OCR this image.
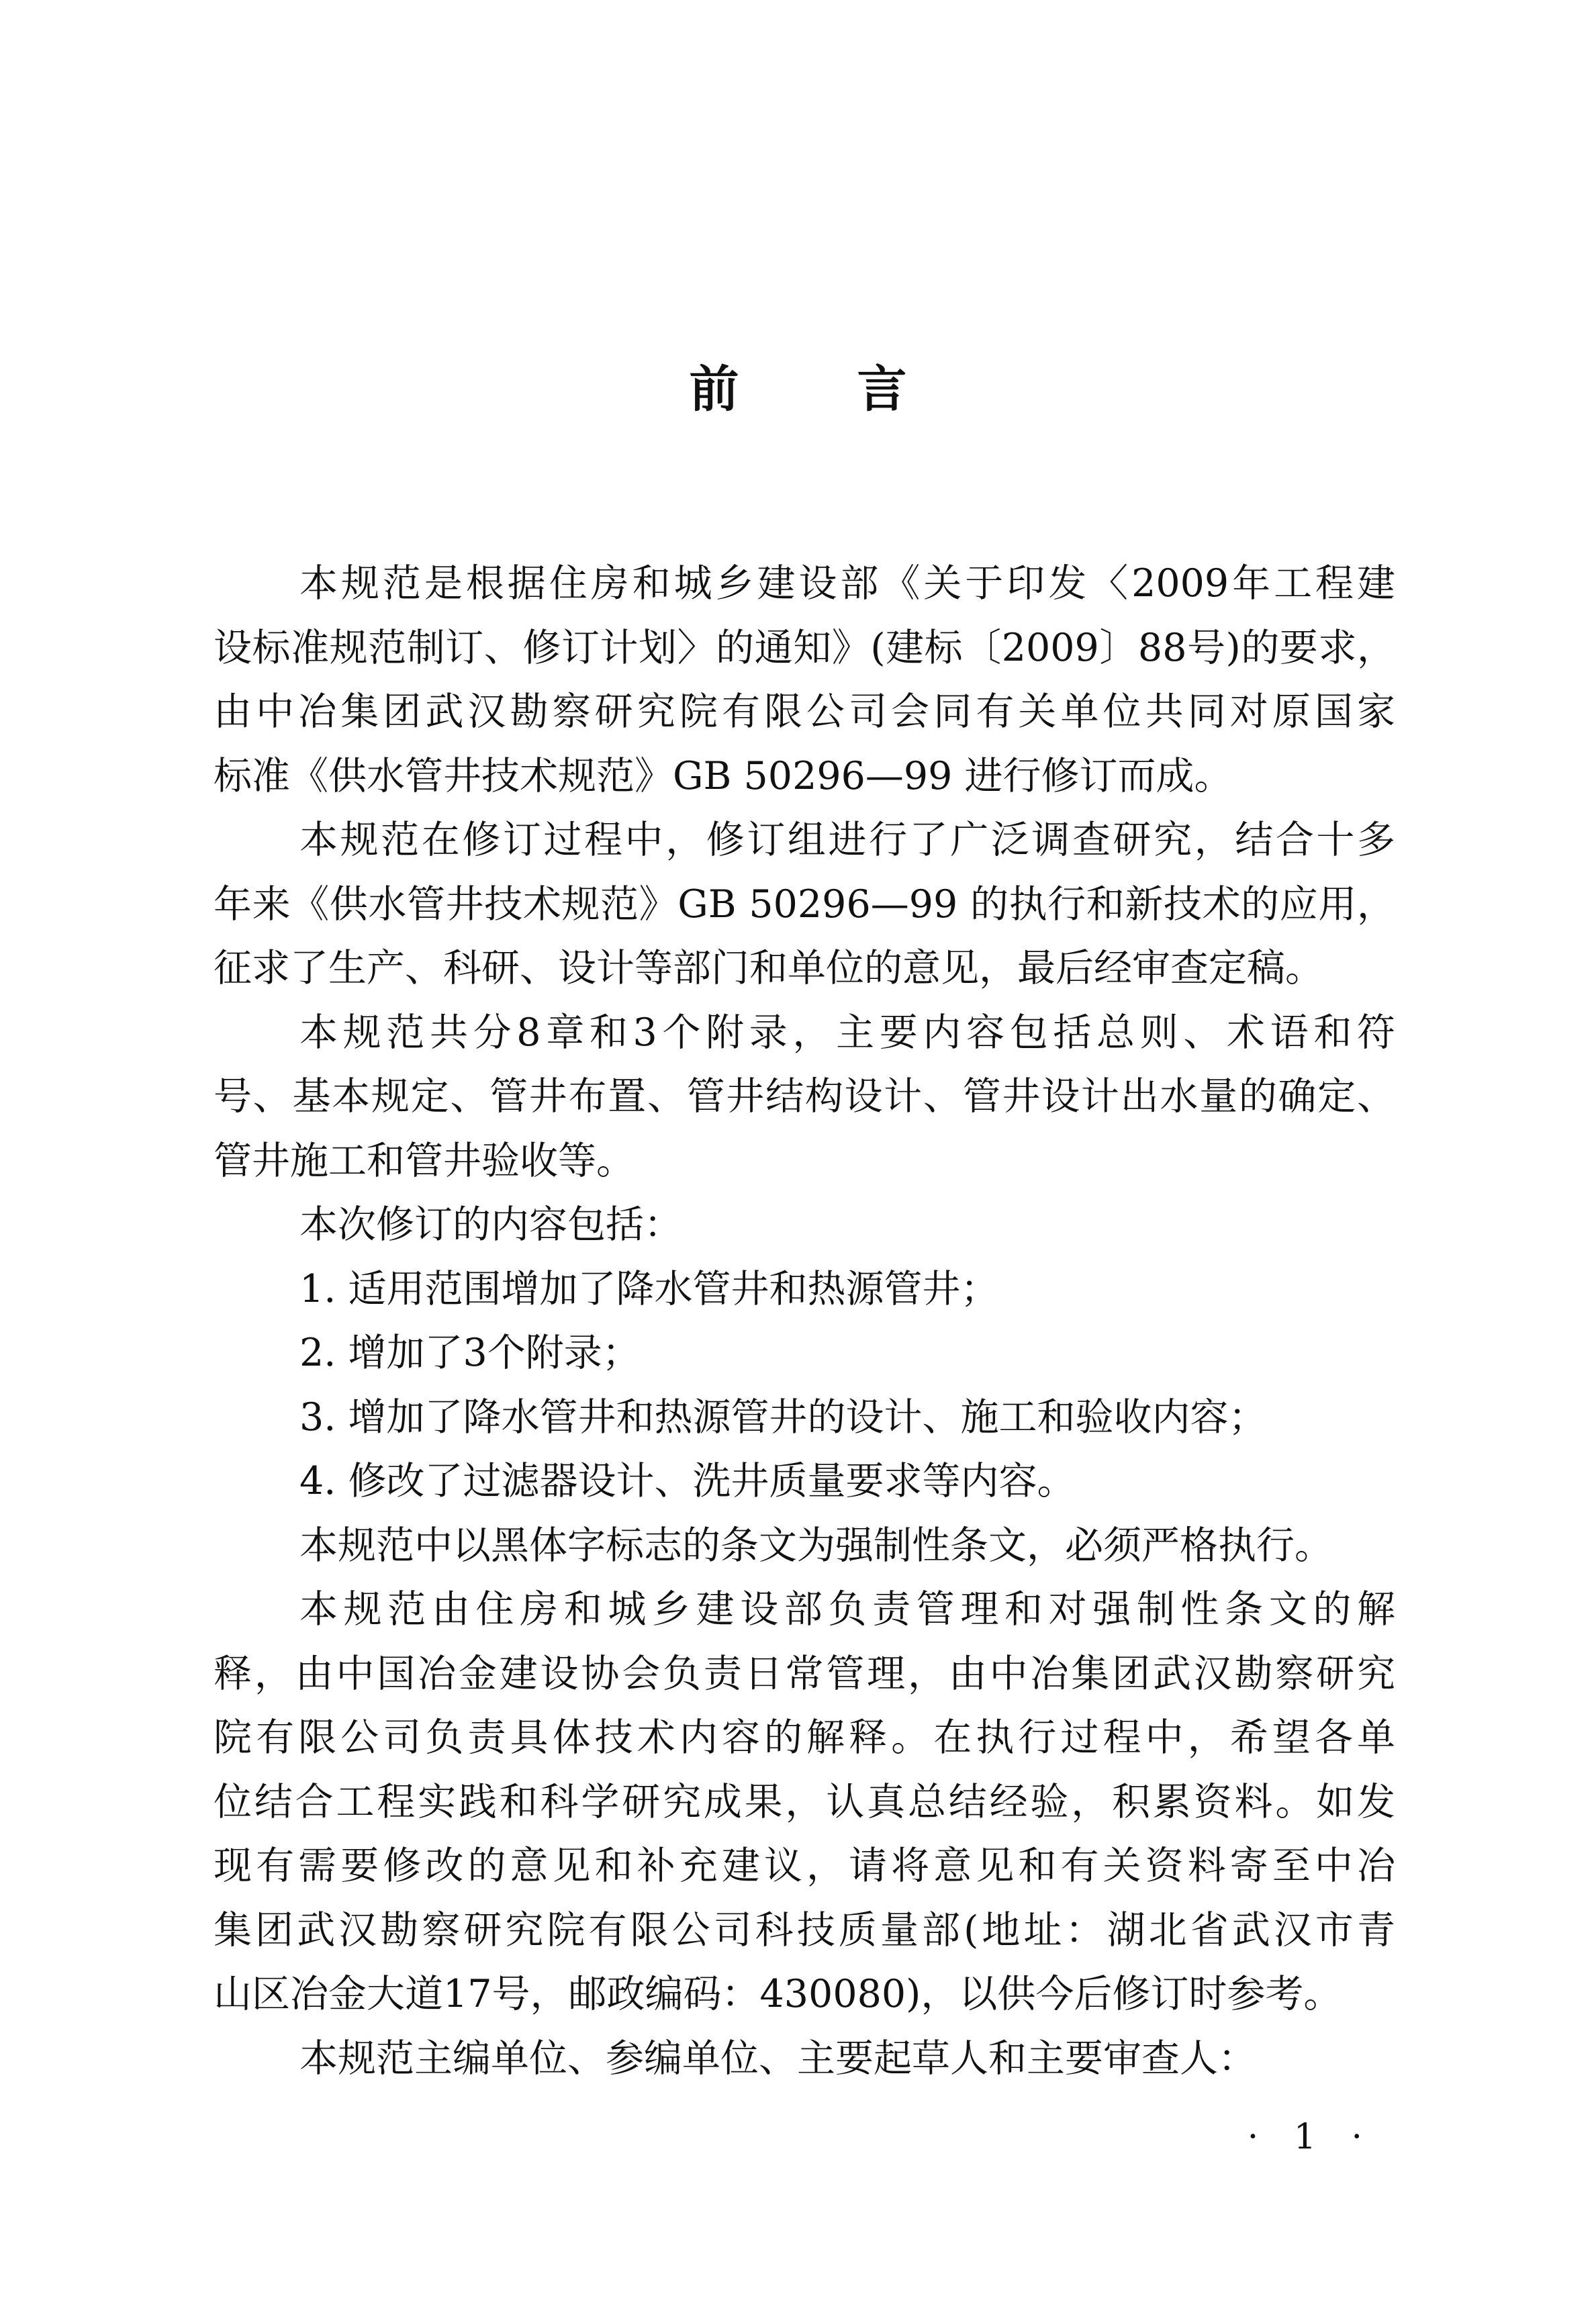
前 言
本规范是根据住房和城乡建设部《关于印发〈2009年工程建
设标准规范制订、修订计划〉的通知》(建标〔2009〕88号)的要求，
由中冶集团武汉勘察研究院有限公司会同有关单位共同对原国家
标准《供水管井技术规范》GB 50296—99 进行修订而成。
本规范在修订过程中，修订组进行了广泛调查研究，结合十多
年来《供水管井技术规范》GB 50296—99 的执行和新技术的应用，
征求了生产、科研、设计等部门和单位的意见，最后经审查定稿。
本规范共分8章和3个附录，主要内容包括总则、术语和符
号、基本规定、管井布置、管井结构设计、管井设计出水量的确定、
管井施工和管井验收等。
本次修订的内容包括：
1. 适用范围增加了降水管井和热源管井；
2. 增加了3个附录；
3. 增加了降水管井和热源管井的设计、施工和验收内容；
4. 修改了过滤器设计、洗井质量要求等内容。
本规范中以黑体字标志的条文为强制性条文，必须严格执行。
本规范由住房和城乡建设部负责管理和对强制性条文的解
释，由中国冶金建设协会负责日常管理，由中冶集团武汉勘察研究
院有限公司负责具体技术内容的解释。在执行过程中，希望各单
位结合工程实践和科学研究成果，认真总结经验，积累资料。如发
现有需要修改的意见和补充建议，请将意见和有关资料寄至中冶
集团武汉勘察研究院有限公司科技质量部(地址：湖北省武汉市青
山区冶金大道17号，邮政编码：430080)，以供今后修订时参考。
本规范主编单位、参编单位、主要起草人和主要审查人：
· 1 ·
